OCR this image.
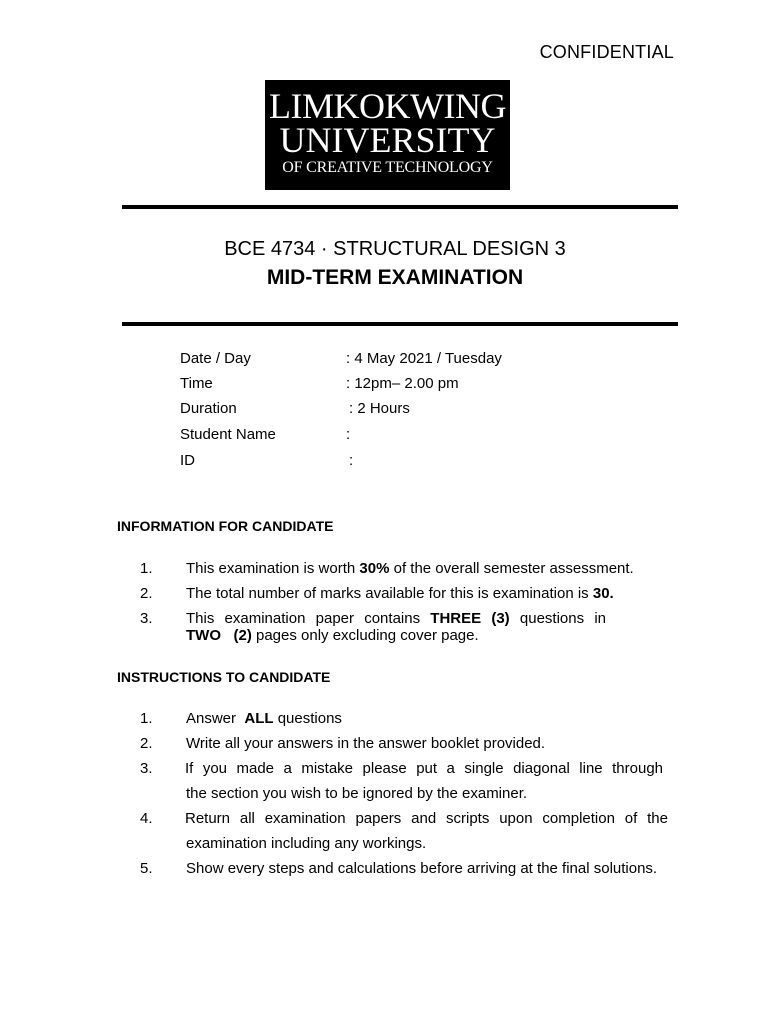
CONFIDENTIAL
LIMKOKWING
UNIVERSITY
OF CREATIVE TECHNOLOGY
BCE 4734 · STRUCTURAL DESIGN 3
MID-TERM EXAMINATION
Date / Day	: 4 May 2021 / Tuesday
Time	: 12pm– 2.00 pm
Duration	: 2 Hours
Student Name	:
ID	:
INFORMATION FOR CANDIDATE
1. This examination is worth 30% of the overall semester assessment.
2. The total number of marks available for this is examination is 30.
3. This examination paper contains THREE (3) questions in
TWO   (2) pages only excluding cover page.
INSTRUCTIONS TO CANDIDATE
1. Answer  ALL questions
2. Write all your answers in the answer booklet provided.
3. If you made a mistake please put a single diagonal line through
the section you wish to be ignored by the examiner.
4. Return all examination papers and scripts upon completion of the
examination including any workings.
5. Show every steps and calculations before arriving at the final solutions.
